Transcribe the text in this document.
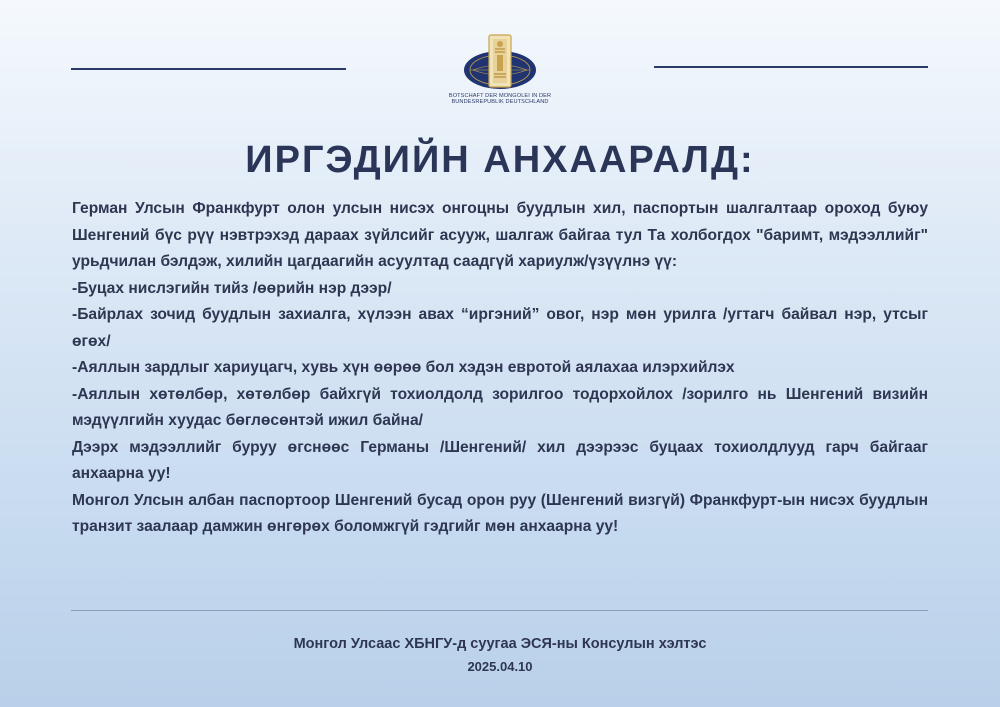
BOTSCHAFT DER MONGOLEI IN DER
BUNDESREPUBLIK DEUTSCHLAND
ИРГЭДИЙН АНХААРАЛД:

Герман Улсын Франкфурт олон улсын нисэх онгоцны буудлын хил, паспортын шалгалтаар ороход буюу Шенгений бүс рүү нэвтрэхэд дараах зүйлсийг асууж, шалгаж байгаа тул Та холбогдох "баримт, мэдээллийг" урьдчилан бэлдэж, хилийн цагдаагийн асуултад саадгүй хариулж/үзүүлнэ үү:

-Буцах нислэгийн тийз /өөрийн нэр дээр/

-Байрлах зочид буудлын захиалга, хүлээн авах “иргэний” овог, нэр мөн урилга /угтагч байвал нэр, утсыг өгөх/

-Аяллын зардлыг хариуцагч, хувь хүн өөрөө бол хэдэн евротой аялахаа илэрхийлэх

-Аяллын хөтөлбөр, хөтөлбөр байхгүй тохиолдолд зорилгоо тодорхойлох /зорилго нь Шенгений визийн мэдүүлгийн хуудас бөглөсөнтэй ижил байна/

Дээрх мэдээллийг буруу өгснөөс Германы /Шенгений/ хил дээрээс буцаах тохиолдлууд гарч байгааг анхаарна уу!

Монгол Улсын албан паспортоор Шенгений бусад орон руу (Шенгений визгүй) Франкфурт-ын нисэх буудлын транзит заалаар дамжин өнгөрөх боломжгүй гэдгийг мөн анхаарна уу!

Монгол Улсаас ХБНГУ-д суугаа ЭСЯ-ны Консулын хэлтэс
2025.04.10
